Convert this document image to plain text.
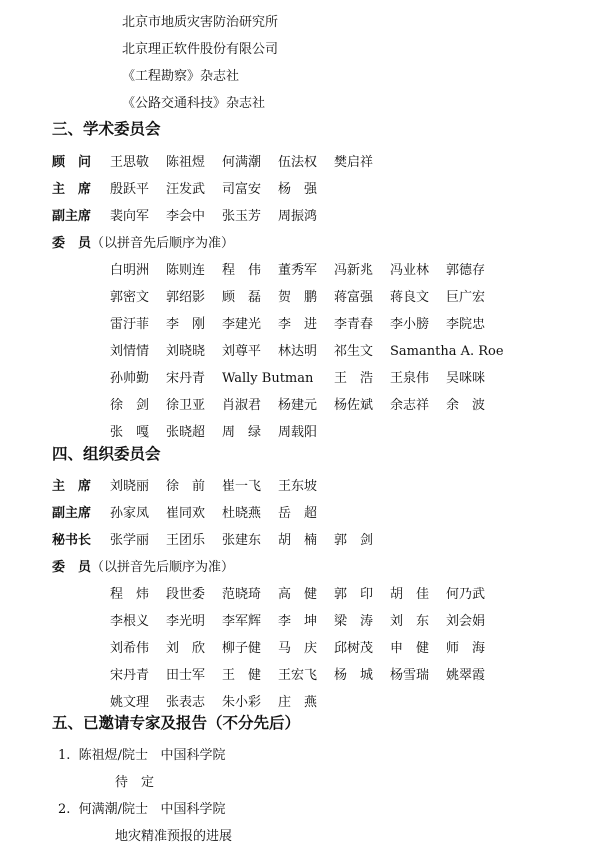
北京市地质灾害防治研究所
北京理正软件股份有限公司
《工程勘察》杂志社
《公路交通科技》杂志社
三、学术委员会
顾　问 王思敬 陈祖煜 何满潮 伍法权 樊启祥
主　席 殷跃平 汪发武 司富安 杨　强
副主席 裴向军 李会中 张玉芳 周振鸿
委　员（以拼音先后顺序为准）
白明洲 陈则连 程　伟 董秀军 冯新兆 冯业林 郭德存
郭密文 郭绍影 顾　磊 贺　鹏 蒋富强 蒋良文 巨广宏
雷汙菲 李　刚 李建光 李　进 李青春 李小膀 李院忠
刘情情 刘晓晓 刘尊平 林达明 祁生文 Samantha A. Roe
孙帅勤 宋丹青 Wally Butman 王　浩 王泉伟 吴咪咪
徐　剑 徐卫亚 肖淑君 杨建元 杨佐斌 余志祥 余　波
张　嘎 张晓超 周　绿 周载阳
四、组织委员会
主　席 刘晓丽 徐　前 崔一飞 王东坡
副主席 孙家凤 崔同欢 杜晓燕 岳　超
秘书长 张学丽 王团乐 张建东 胡　楠 郭　剑
委　员（以拼音先后顺序为准）
程　炜 段世委 范晓琦 高　健 郭　印 胡　佳 何乃武
李根义 李光明 李军辉 李　坤 梁　涛 刘　东 刘会娟
刘希伟 刘　欣 柳子健 马　庆 邱树茂 申　健 师　海
宋丹青 田士军 王　健 王宏飞 杨　城 杨雪瑞 姚翠霞
姚文理 张表志 朱小彩 庄　燕
五、已邀请专家及报告（不分先后）
1. 陈祖煜/院士 中国科学院
待　定
2. 何满潮/院士 中国科学院
地灾精准预报的进展
